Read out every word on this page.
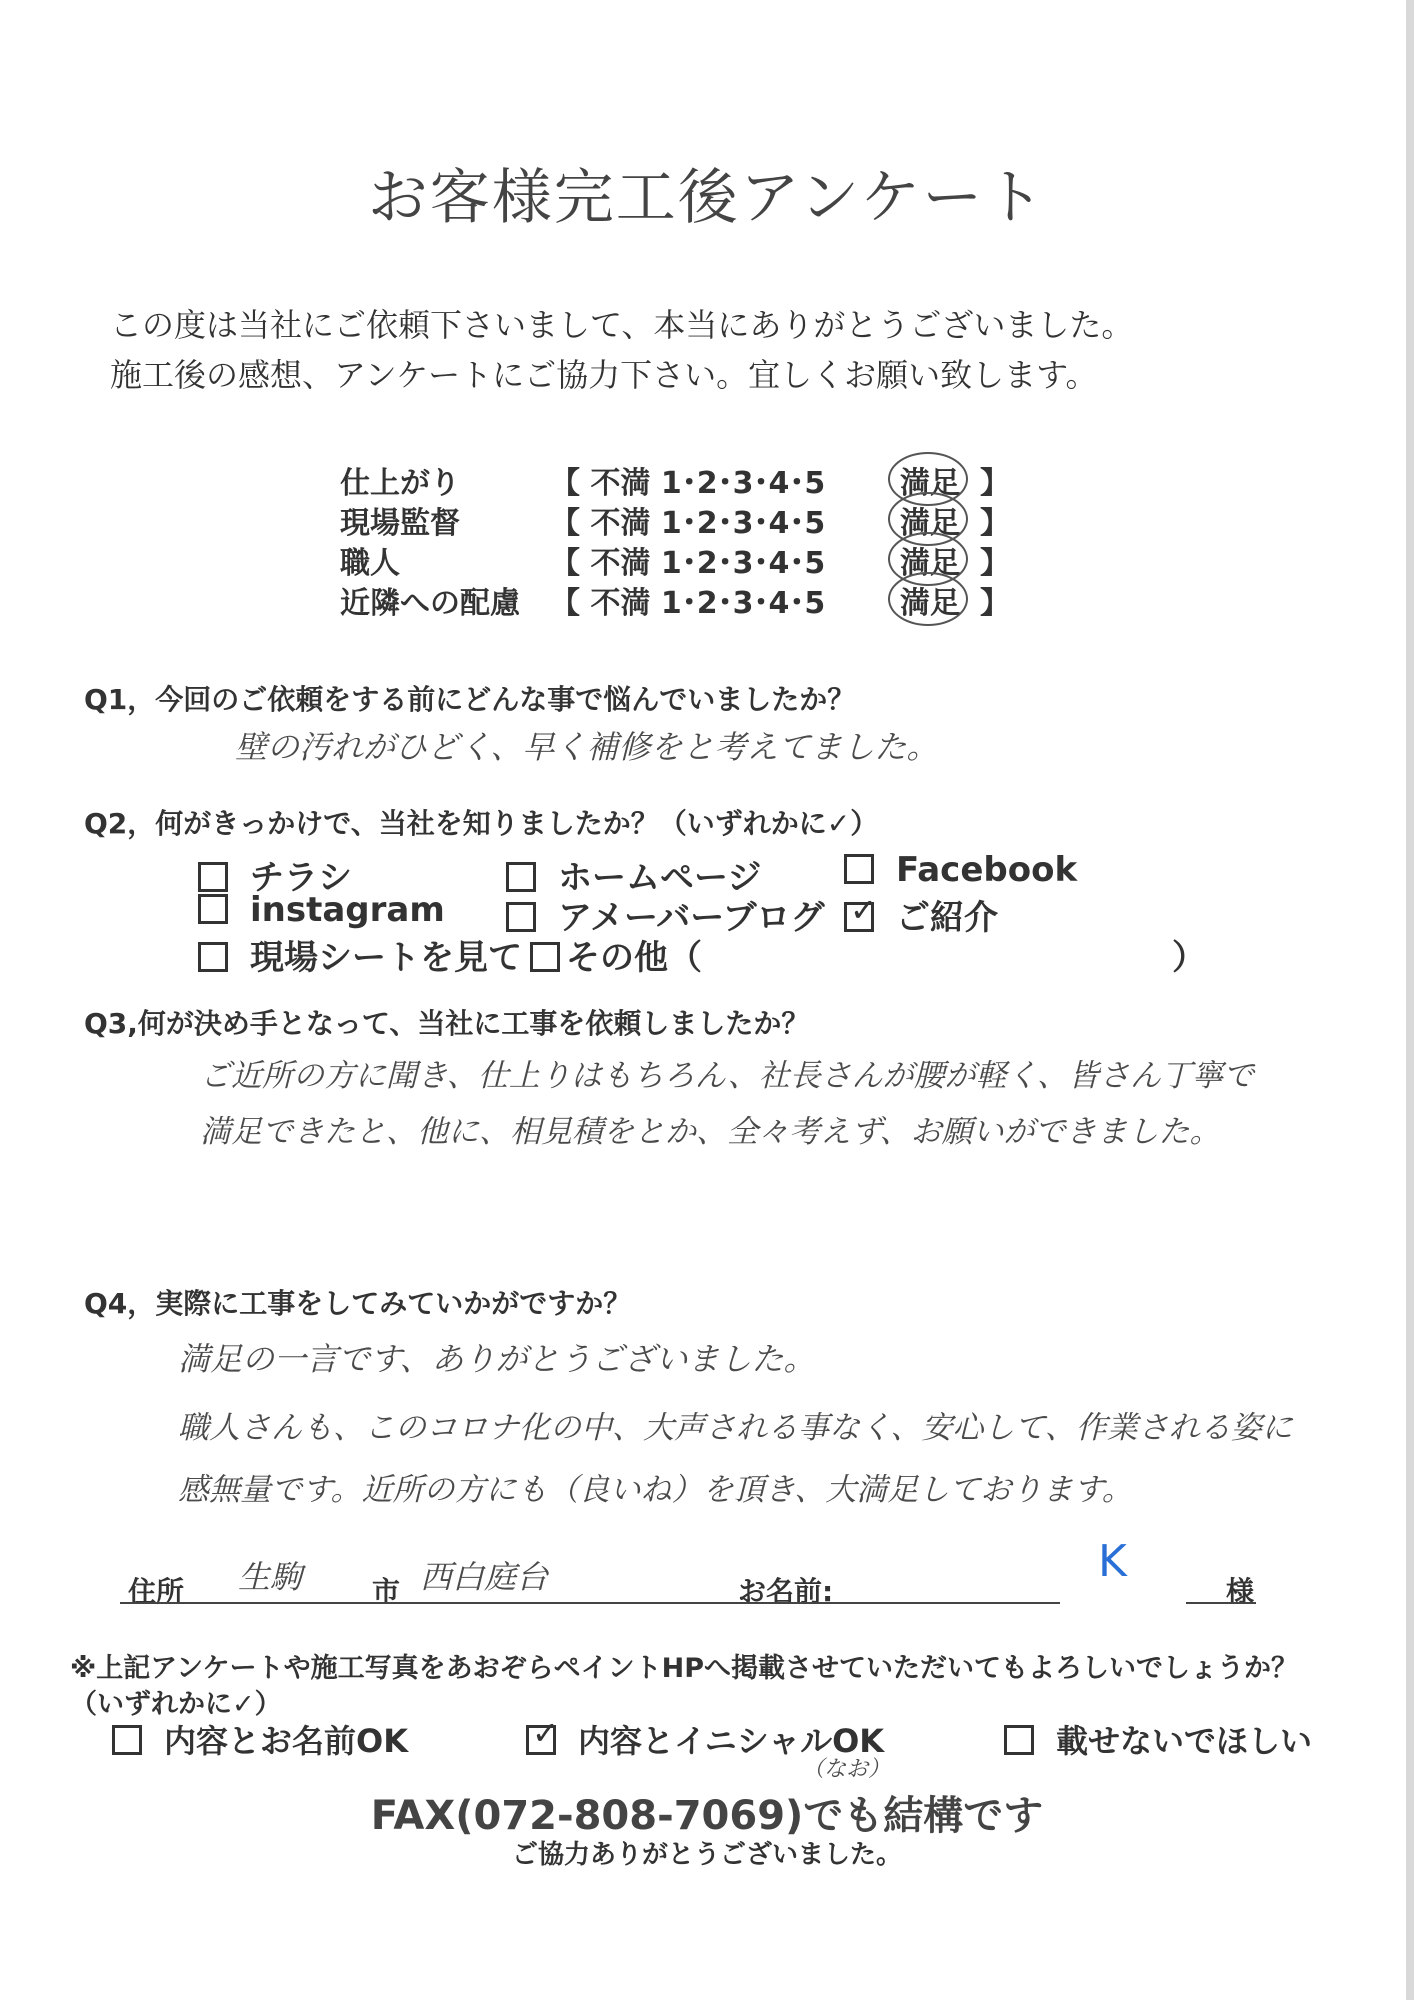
お客様完工後アンケート
この度は当社にご依頼下さいまして、本当にありがとうございました。
施工後の感想、アンケートにご協力下さい。宜しくお願い致します。
仕上がり	【 不満 1･2･3･4･5 満足 】
現場監督	【 不満 1･2･3･4･5 満足 】
職人	【 不満 1･2･3･4･5 満足 】
近隣への配慮 【 不満 1･2･3･4･5 満足 】
Q1，今回のご依頼をする前にどんな事で悩んでいましたか？
壁の汚れがひどく、早く補修をと考えてました。
Q2，何がきっかけで、当社を知りましたか？（いずれかに✓）
チラシ	ホームページ	Facebook
instagram	アメーバーブログ ✓ ご紹介
現場シートを見て	その他（	）
Q3,何が決め手となって、当社に工事を依頼しましたか？
ご近所の方に聞き、仕上りはもちろん、社長さんが腰が軽く、皆さん丁寧で
満足できたと、他に、相見積をとか、全々考えず、お願いができました。
Q4，実際に工事をしてみていかがですか？
満足の一言です、ありがとうございました。
職人さんも、このコロナ化の中、大声される事なく、安心して、作業される姿に
感無量です。近所の方にも（良いね）を頂き、大満足しております。
住所 生駒 市 西白庭台	お名前:
K
様
※上記アンケートや施工写真をあおぞらペイントHPへ掲載させていただいてもよろしいでしょうか？
（いずれかに✓）
内容とお名前OK	✓ 内容とイニシャルOK	載せないでほしい
（なお）
FAX(072-808-7069)でも結構です
ご協力ありがとうございました。
